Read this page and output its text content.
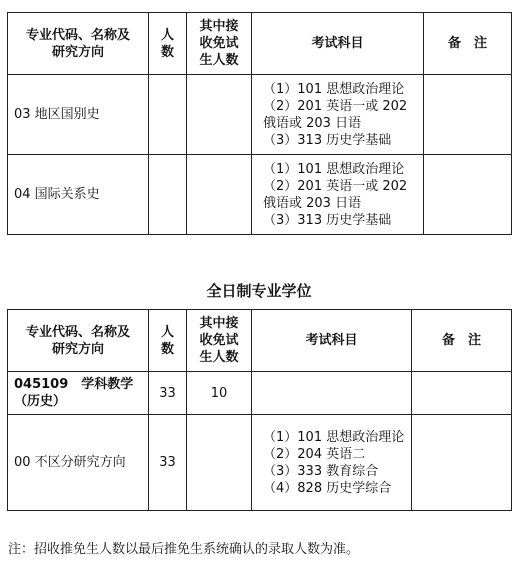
专业代码、名称及研究方向	人数	其中接收免试生人数	考试科目	备　注
03 地区国别史			（1）101 思想政治理论
（2）201 英语一或 202 俄语或 203 日语
（3）313 历史学基础	

04 国际关系史			（1）101 思想政治理论
（2）201 英语一或 202 俄语或 203 日语
（3）313 历史学基础	

全日制专业学位
专业代码、名称及研究方向	人数	其中接收免试生人数	考试科目	备　注

045109　学科教学（历史）	33	10		
00 不区分研究方向	33		（1）101 思想政治理论
（2）204 英语二
（3）333 教育综合
（4）828 历史学综合	

注：招收推免生人数以最后推免生系统确认的录取人数为准。
